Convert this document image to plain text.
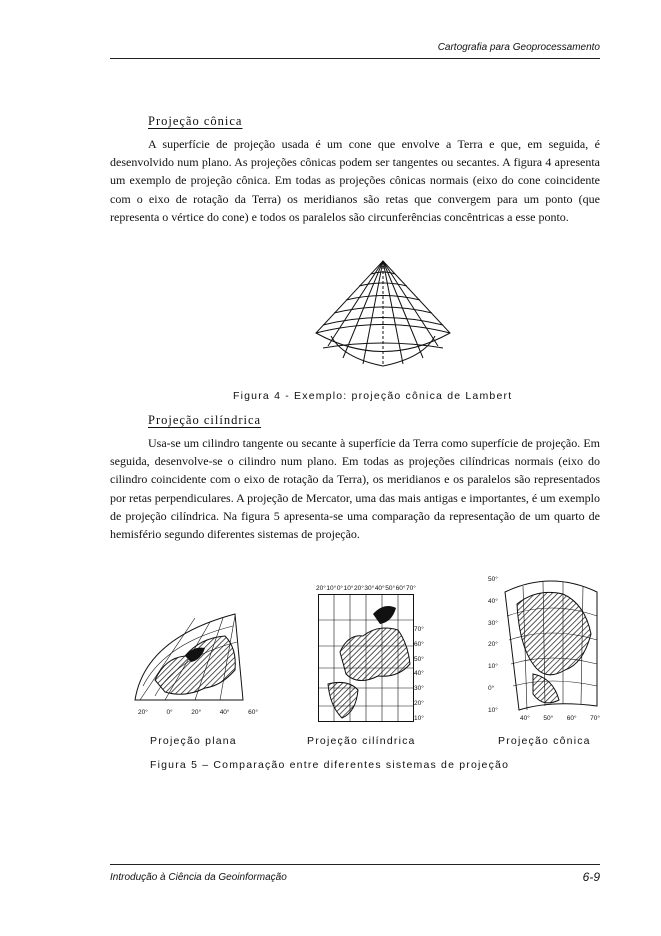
Cartografia para Geoprocessamento
Projeção cônica

A superfície de projeção usada é um cone que envolve a Terra e que, em seguida, é desenvolvido num plano. As projeções cônicas podem ser tangentes ou secantes. A figura 4 apresenta um exemplo de projeção cônica. Em todas as projeções cônicas normais (eixo do cone coincidente com o eixo de rotação da Terra) os meridianos são retas que convergem para um ponto (que representa o vértice do cone) e todos os paralelos são circunferências concêntricas a esse ponto.

Figura 4 - Exemplo: projeção cônica de Lambert
Projeção cilíndrica

Usa-se um cilindro tangente ou secante à superfície da Terra como superfície de projeção. Em seguida, desenvolve-se o cilindro num plano. Em todas as projeções cilíndricas normais (eixo do cilindro coincidente com o eixo de rotação da Terra), os meridianos e os paralelos são representados por retas perpendiculares. A projeção de Mercator, uma das mais antigas e importantes, é um exemplo de projeção cilíndrica. Na figura 5 apresenta-se uma comparação da representação de um quarto de hemisfério segundo diferentes sistemas de projeção.

20°	0°	20°	40°	60°
20° 10° 0° 10° 20° 30° 40° 50° 60° 70°
70°
60°
50°
40°
30°
20°
10°
50°
40°
30°
20°
10°
0°
10°
40° 50° 60° 70°
Projeção plana	Projeção cilíndrica	Projeção cônica
Figura 5 – Comparação entre diferentes sistemas de projeção
Introdução à Ciência da Geoinformação	6-9
